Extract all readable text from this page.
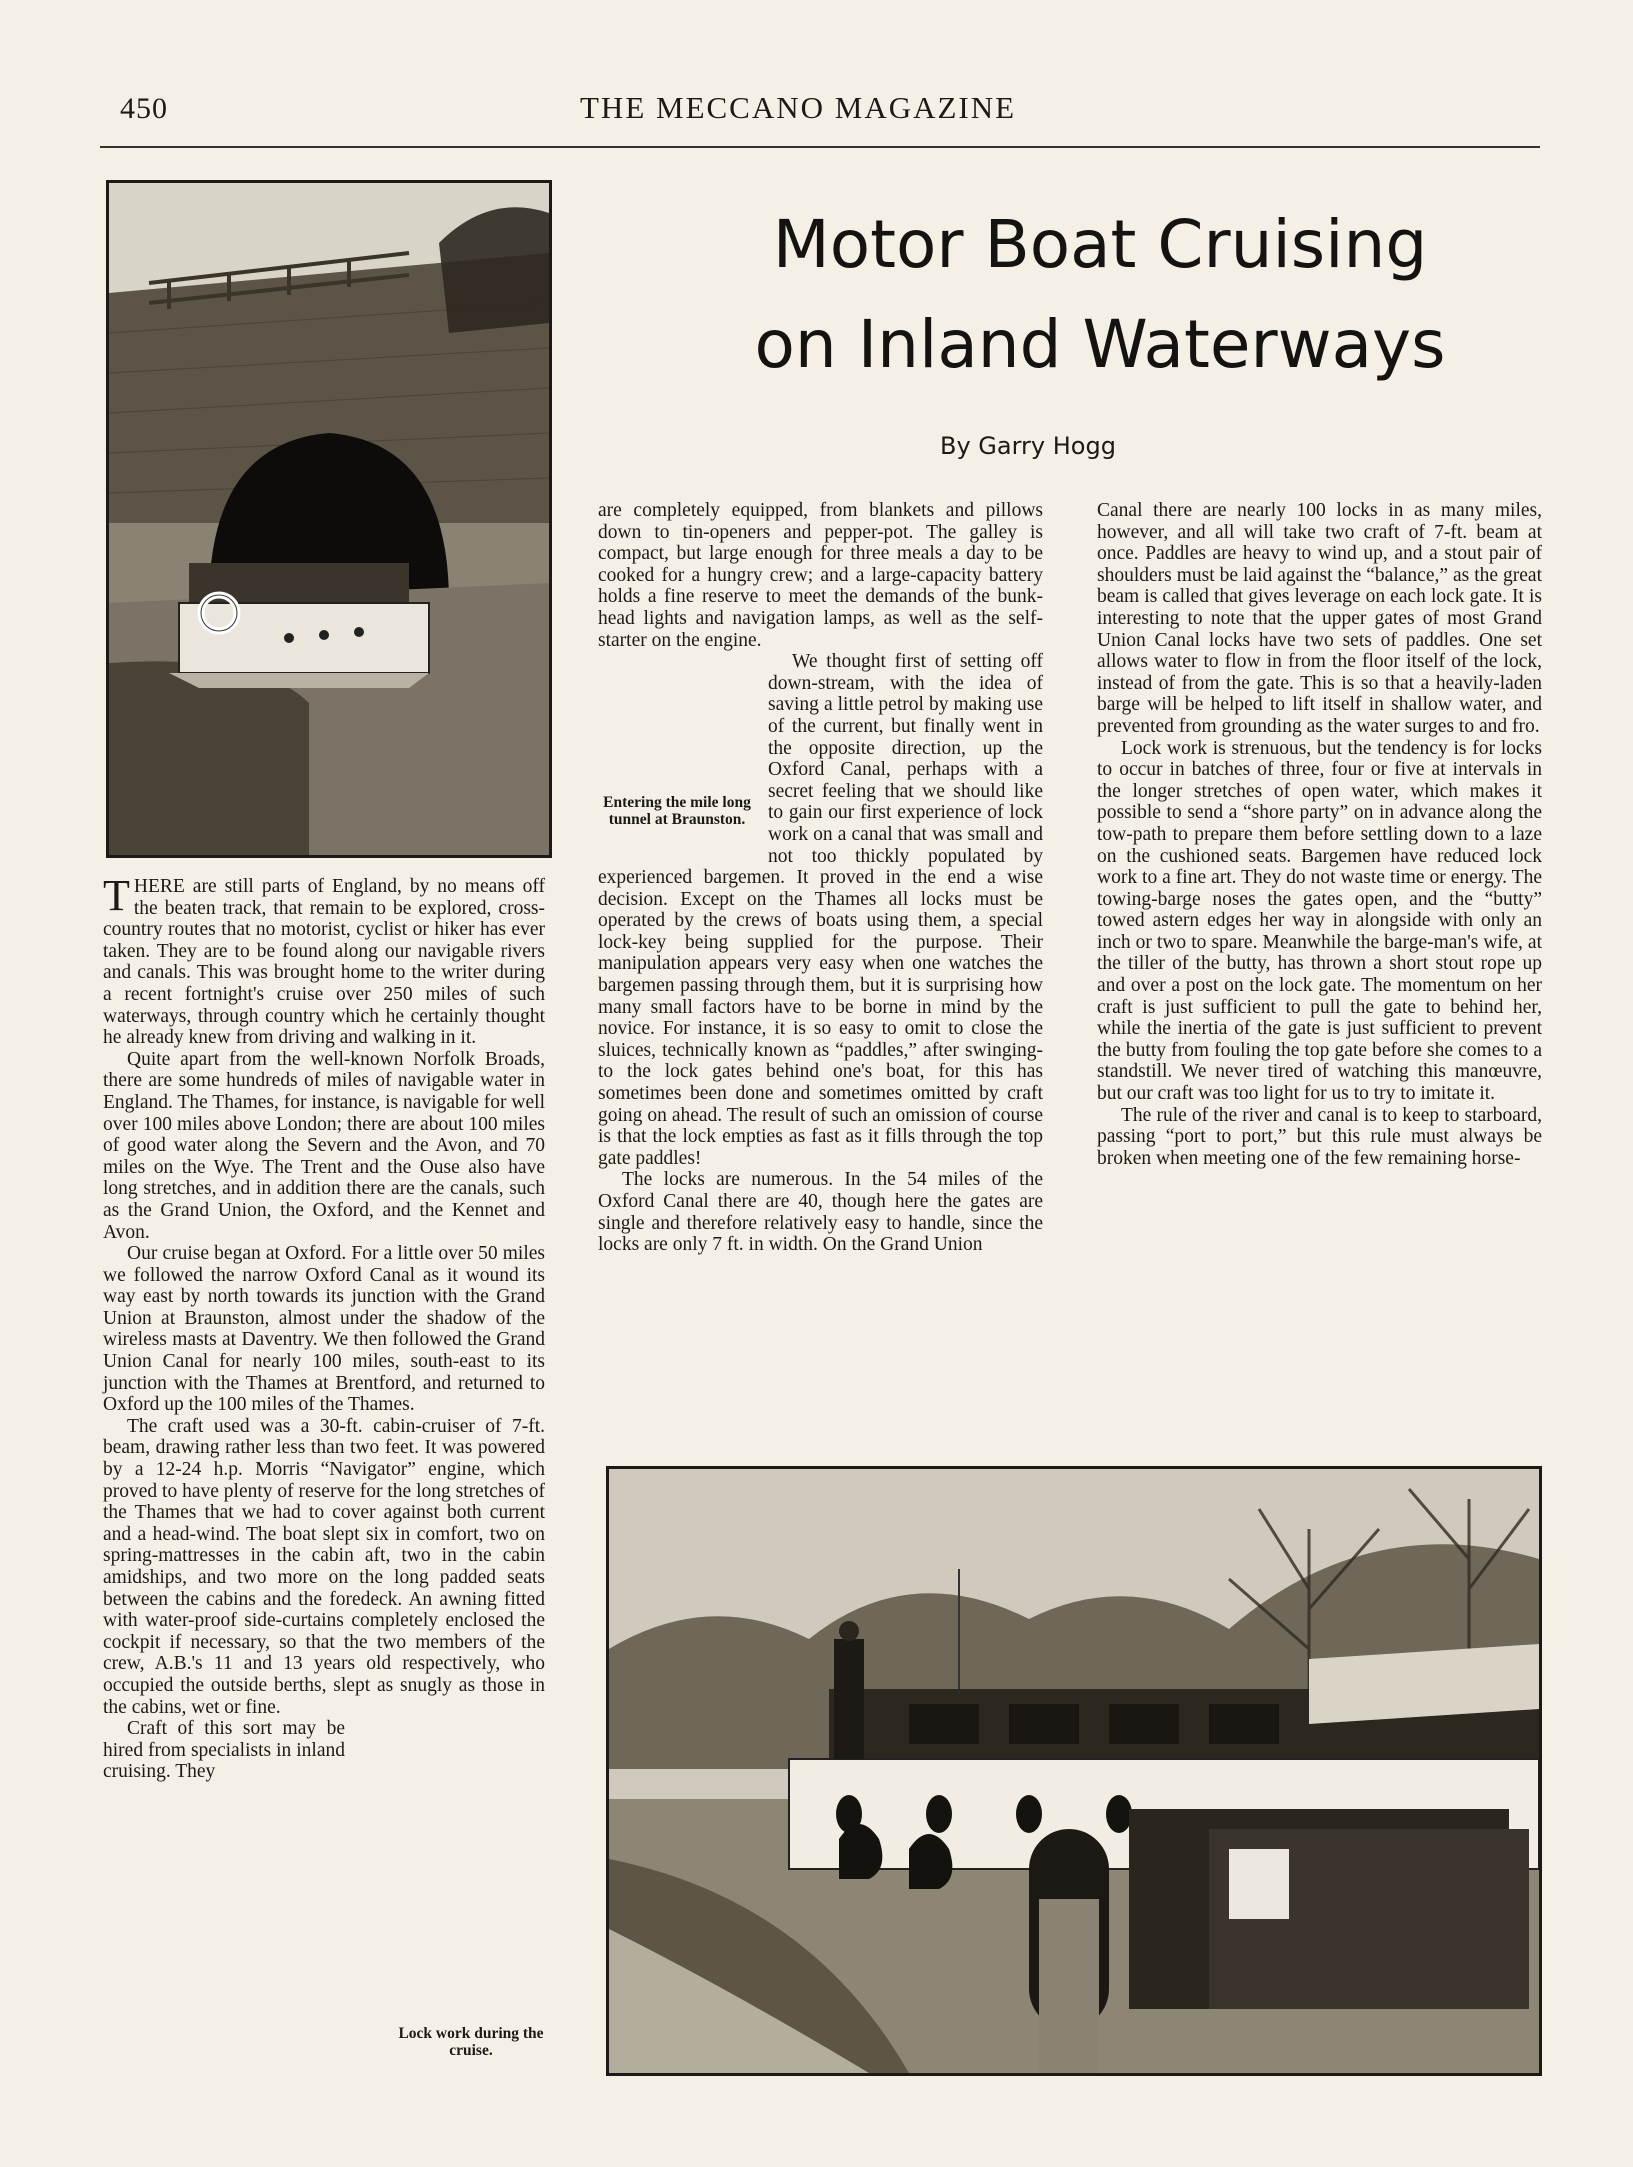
450	THE MECCANO MAGAZINE
Motor Boat Cruising
on Inland Waterways
By Garry Hogg

THERE are still parts of England, by no means off the beaten track, that remain to be explored, cross-country routes that no motorist, cyclist or hiker has ever taken. They are to be found along our navigable rivers and canals. This was brought home to the writer during a recent fortnight's cruise over 250 miles of such waterways, through country which he certainly thought he already knew from driving and walking in it.

Quite apart from the well-known Norfolk Broads, there are some hundreds of miles of navigable water in England. The Thames, for instance, is navigable for well over 100 miles above London; there are about 100 miles of good water along the Severn and the Avon, and 70 miles on the Wye. The Trent and the Ouse also have long stretches, and in addition there are the canals, such as the Grand Union, the Oxford, and the Kennet and Avon.

Our cruise began at Oxford. For a little over 50 miles we followed the narrow Oxford Canal as it wound its way east by north towards its junction with the Grand Union at Braunston, almost under the shadow of the wireless masts at Daventry. We then followed the Grand Union Canal for nearly 100 miles, south-east to its junction with the Thames at Brentford, and returned to Oxford up the 100 miles of the Thames.

The craft used was a 30-ft. cabin-cruiser of 7-ft. beam, drawing rather less than two feet. It was powered by a 12-24 h.p. Morris “Navigator” engine, which proved to have plenty of reserve for the long stretches of the Thames that we had to cover against both current and a head-wind. The boat slept six in comfort, two on spring-mattresses in the cabin aft, two in the cabin amidships, and two more on the long padded seats between the cabins and the foredeck. An awning fitted with water-proof side-curtains completely enclosed the cockpit if necessary, so that the two members of the crew, A.B.'s 11 and 13 years old respectively, who occupied the outside berths, slept as snugly as those in the cabins, wet or fine.

Craft of this sort may be hired from specialists in inland cruising. They

are completely equipped, from blankets and pillows down to tin-openers and pepper-pot. The galley is compact, but large enough for three meals a day to be cooked for a hungry crew; and a large-capacity battery holds a fine reserve to meet the demands of the bunk-head lights and navigation lamps, as well as the self-starter on the engine.

We thought first of setting off down-stream, with the idea of saving a little petrol by making use of the current, but finally went in the opposite direction, up the Oxford Canal, perhaps with a secret feeling that we should like to gain our first experience of lock work on a canal that was small and not too thickly populated by experienced bargemen. It proved in the end a wise decision. Except on the Thames all locks must be operated by the crews of boats using them, a special lock-key being supplied for the purpose. Their manipulation appears very easy when one watches the bargemen passing through them, but it is surprising how many small factors have to be borne in mind by the novice. For instance, it is so easy to omit to close the sluices, technically known as “paddles,” after swinging-to the lock gates behind one's boat, for this has sometimes been done and sometimes omitted by craft going on ahead. The result of such an omission of course is that the lock empties as fast as it fills through the top gate paddles!

The locks are numerous. In the 54 miles of the Oxford Canal there are 40, though here the gates are single and therefore relatively easy to handle, since the locks are only 7 ft. in width. On the Grand Union

Entering the mile long tunnel at Braunston.

Canal there are nearly 100 locks in as many miles, however, and all will take two craft of 7-ft. beam at once. Paddles are heavy to wind up, and a stout pair of shoulders must be laid against the “balance,” as the great beam is called that gives leverage on each lock gate. It is interesting to note that the upper gates of most Grand Union Canal locks have two sets of paddles. One set allows water to flow in from the floor itself of the lock, instead of from the gate. This is so that a heavily-laden barge will be helped to lift itself in shallow water, and prevented from grounding as the water surges to and fro.

Lock work is strenuous, but the tendency is for locks to occur in batches of three, four or five at intervals in the longer stretches of open water, which makes it possible to send a “shore party” on in advance along the tow-path to prepare them before settling down to a laze on the cushioned seats. Bargemen have reduced lock work to a fine art. They do not waste time or energy. The towing-barge noses the gates open, and the “butty” towed astern edges her way in alongside with only an inch or two to spare. Meanwhile the barge-man's wife, at the tiller of the butty, has thrown a short stout rope up and over a post on the lock gate. The momentum on her craft is just sufficient to pull the gate to behind her, while the inertia of the gate is just sufficient to prevent the butty from fouling the top gate before she comes to a standstill. We never tired of watching this manœuvre, but our craft was too light for us to try to imitate it.

The rule of the river and canal is to keep to starboard, passing “port to port,” but this rule must always be broken when meeting one of the few remaining horse-

Lock work during the cruise.
